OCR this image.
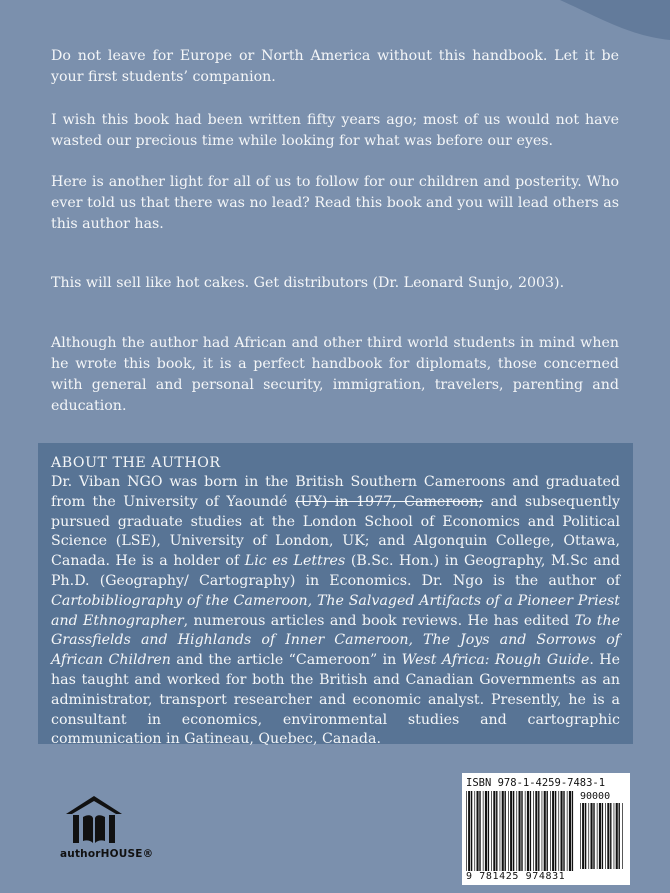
Do not leave for Europe or North America without this handbook. Let it be your first students’ companion.

I wish this book had been written fifty years ago; most of us would not have wasted our precious time while looking for what was before our eyes.

Here is another light for all of us to follow for our children and posterity. Who ever told us that there was no lead? Read this book and you will lead others as this author has.

This will sell like hot cakes. Get distributors (Dr. Leonard Sunjo, 2003).

Although the author had African and other third world students in mind when he wrote this book, it is a perfect handbook for diplomats, those concerned with general and personal security, immigration, travelers, parenting and education.

ABOUT THE AUTHOR

Dr. Viban NGO was born in the British Southern Cameroons and graduated from the University of Yaoundé (UY) in 1977, Cameroon; and subsequently pursued graduate studies at the London School of Economics and Political Science (LSE), University of London, UK; and Algonquin College, Ottawa, Canada. He is a holder of Lic es Lettres (B.Sc. Hon.) in Geography, M.Sc and Ph.D. (Geography/ Cartography) in Economics. Dr. Ngo is the author of Cartobibliography of the Cameroon, The Salvaged Artifacts of a Pioneer Priest and Ethnographer, numerous articles and book reviews. He has edited To the Grassfields and Highlands of Inner Cameroon, The Joys and Sorrows of African Children and the article “Cameroon” in West Africa: Rough Guide. He has taught and worked for both the British and Canadian Governments as an administrator, transport researcher and economic analyst. Presently, he is a consultant in economics, environmental studies and cartographic communication in Gatineau, Quebec, Canada.

authorHOUSE®
ISBN 978-1-4259-7483-1
90000
9 781425 974831
